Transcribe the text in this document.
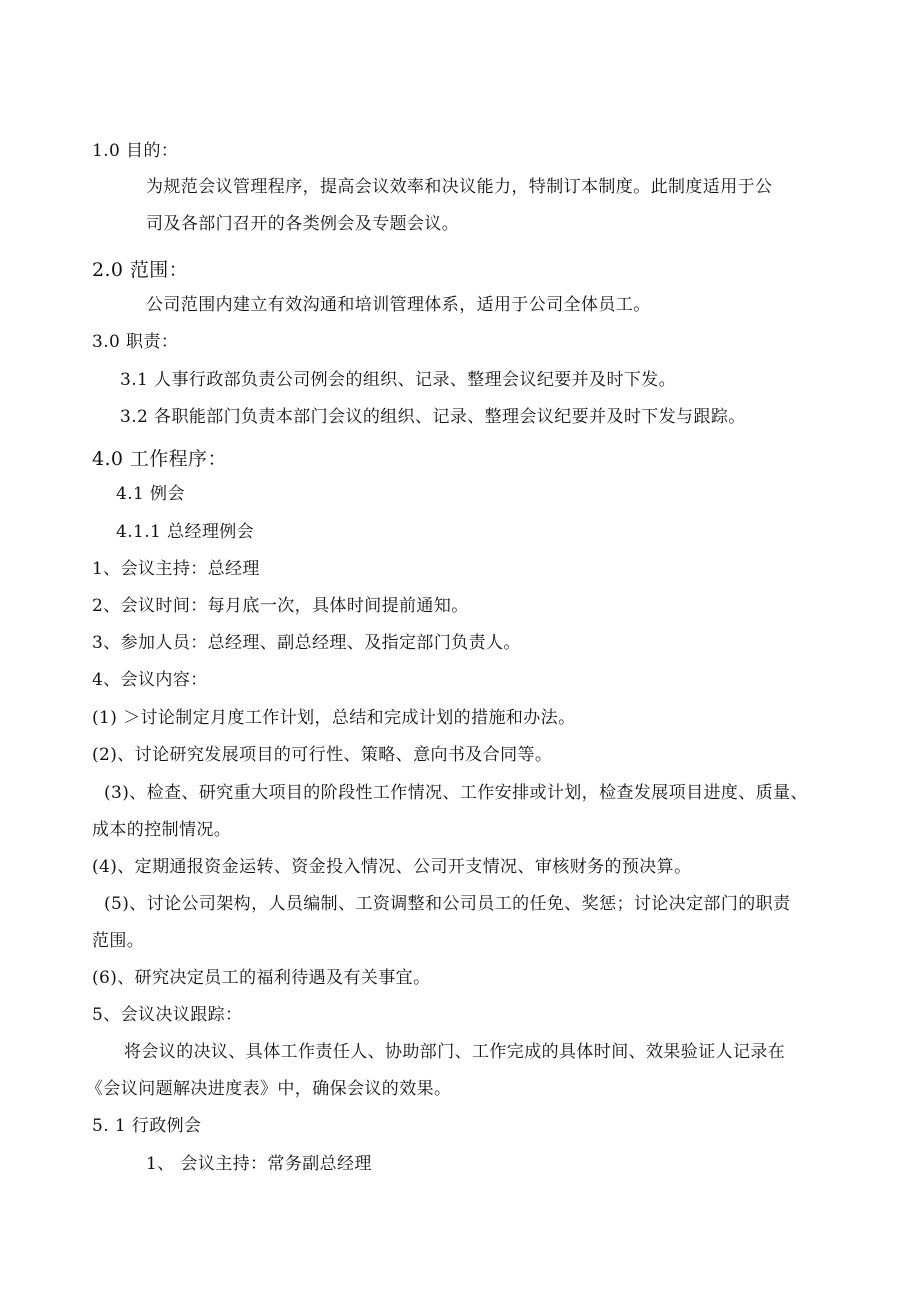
1.0 目的：
为规范会议管理程序，提高会议效率和决议能力，特制订本制度。此制度适用于公
司及各部门召开的各类例会及专题会议。
2.0 范围：
公司范围内建立有效沟通和培训管理体系，适用于公司全体员工。
3.0 职责：
3.1 人事行政部负责公司例会的组织、记录、整理会议纪要并及时下发。
3.2 各职能部门负责本部门会议的组织、记录、整理会议纪要并及时下发与跟踪。
4.0 工作程序：
4.1 例会
4.1.1 总经理例会
1、会议主持：总经理
2、会议时间：每月底一次，具体时间提前通知。
3、参加人员：总经理、副总经理、及指定部门负责人。
4、会议内容：
(1) ＞讨论制定月度工作计划，总结和完成计划的措施和办法。
(2)、讨论研究发展项目的可行性、策略、意向书及合同等。
(3)、检查、研究重大项目的阶段性工作情况、工作安排或计划，检查发展项目进度、质量、
成本的控制情况。
(4)、定期通报资金运转、资金投入情况、公司开支情况、审核财务的预决算。
(5)、讨论公司架构，人员编制、工资调整和公司员工的任免、奖惩；讨论决定部门的职责
范围。
(6)、研究决定员工的福利待遇及有关事宜。
5、会议决议跟踪：
将会议的决议、具体工作责任人、协助部门、工作完成的具体时间、效果验证人记录在
《会议问题解决进度表》中，确保会议的效果。
5. 1 行政例会
1、 会议主持：常务副总经理
